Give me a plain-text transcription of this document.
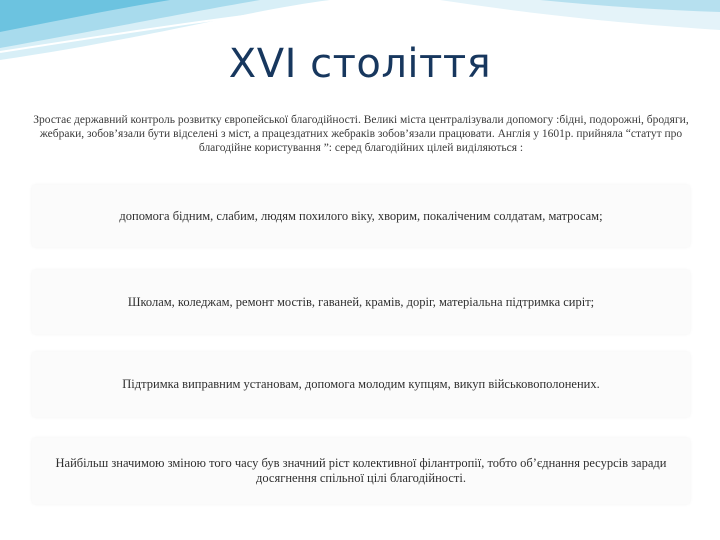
XVI століття

Зростає державний контроль розвитку європейської благодійності. Великі міста централізували допомогу :бідні, подорожні, бродяги, жебраки, зобов’язали бути відселені з міст, а працездатних жебраків зобов’язали працювати. Англія у 1601р. прийняла “статут про благодійне користування ”: серед благодійних цілей виділяються :

допомога бідним, слабим, людям похилого віку, хворим, покаліченим солдатам, матросам;

Школам, коледжам, ремонт мостів, гаваней, крамів, доріг, матеріальна підтримка сиріт;

Підтримка виправним установам, допомога молодим купцям, викуп військовополонених.

Найбільш значимою зміною того часу був значний ріст колективної філантропії, тобто об’єднання ресурсів заради досягнення спільної цілі благодійності.
